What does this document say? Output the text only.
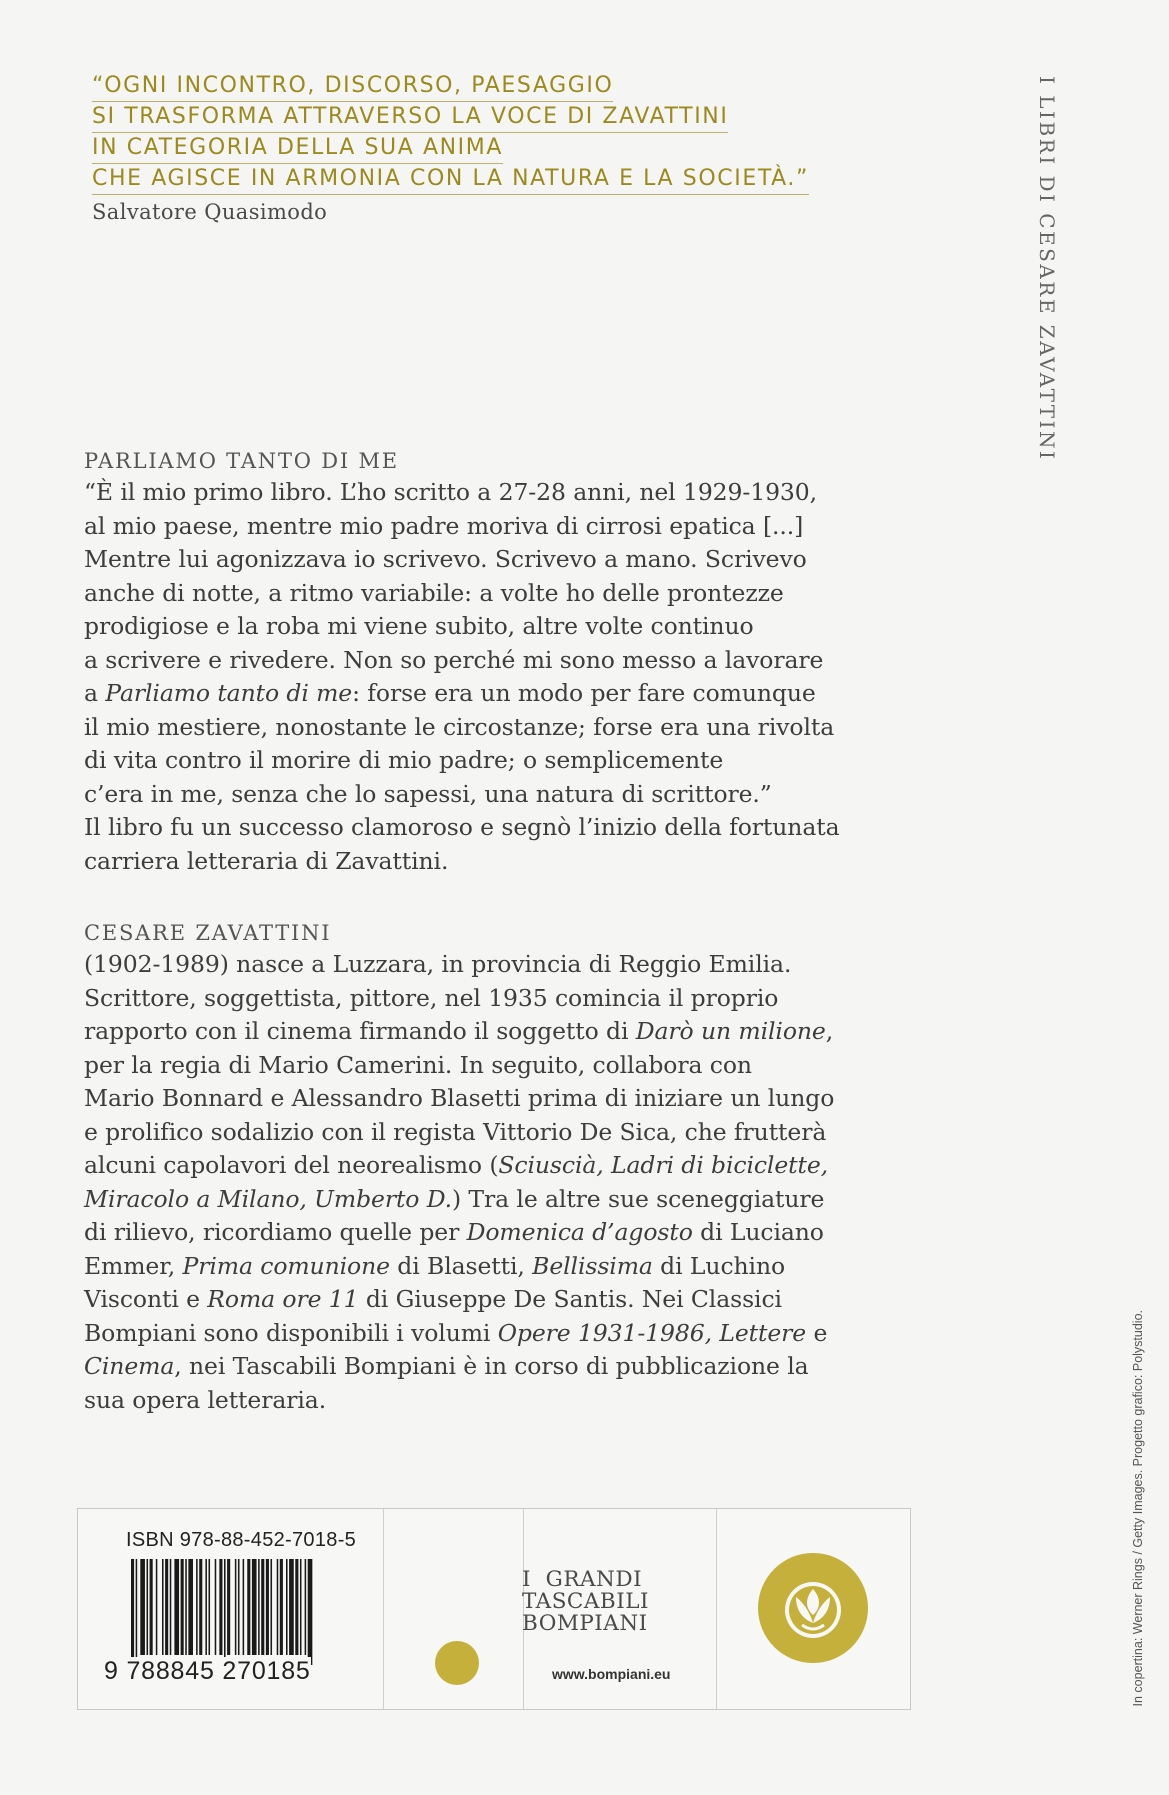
“OGNI INCONTRO, DISCORSO, PAESAGGIO
SI TRASFORMA ATTRAVERSO LA VOCE DI ZAVATTINI
IN CATEGORIA DELLA SUA ANIMA
CHE AGISCE IN ARMONIA CON LA NATURA E LA SOCIETÀ.”
Salvatore Quasimodo	I LIBRI DI CESARE ZAVATTINI
PARLIAMO TANTO DI ME
“È il mio primo libro. L’ho scritto a 27-28 anni, nel 1929-1930,
al mio paese, mentre mio padre moriva di cirrosi epatica [...]
Mentre lui agonizzava io scrivevo. Scrivevo a mano. Scrivevo
anche di notte, a ritmo variabile: a volte ho delle prontezze
prodigiose e la roba mi viene subito, altre volte continuo
a scrivere e rivedere. Non so perché mi sono messo a lavorare
a Parliamo tanto di me: forse era un modo per fare comunque
il mio mestiere, nonostante le circostanze; forse era una rivolta
di vita contro il morire di mio padre; o semplicemente
c’era in me, senza che lo sapessi, una natura di scrittore.”
Il libro fu un successo clamoroso e segnò l’inizio della fortunata
carriera letteraria di Zavattini.
CESARE ZAVATTINI
(1902-1989) nasce a Luzzara, in provincia di Reggio Emilia.
Scrittore, soggettista, pittore, nel 1935 comincia il proprio
rapporto con il cinema firmando il soggetto di Darò un milione,
per la regia di Mario Camerini. In seguito, collabora con
Mario Bonnard e Alessandro Blasetti prima di iniziare un lungo
e prolifico sodalizio con il regista Vittorio De Sica, che frutterà
alcuni capolavori del neorealismo (Sciuscià, Ladri di biciclette,
Miracolo a Milano, Umberto D.) Tra le altre sue sceneggiature
di rilievo, ricordiamo quelle per Domenica d’agosto di Luciano
Emmer, Prima comunione di Blasetti, Bellissima di Luchino
Visconti e Roma ore 11 di Giuseppe De Santis. Nei Classici
Bompiani sono disponibili i volumi Opere 1931-1986, Lettere e
Cinema, nei Tascabili Bompiani è in corso di pubblicazione la
sua opera letteraria.
ISBN 978-88-452-7018-5
9 788845 270185
I  GRANDI
TASCABILI
BOMPIANI
www.bompiani.eu	In copertina: Werner Rings / Getty Images. Progetto grafico: Polystudio.
